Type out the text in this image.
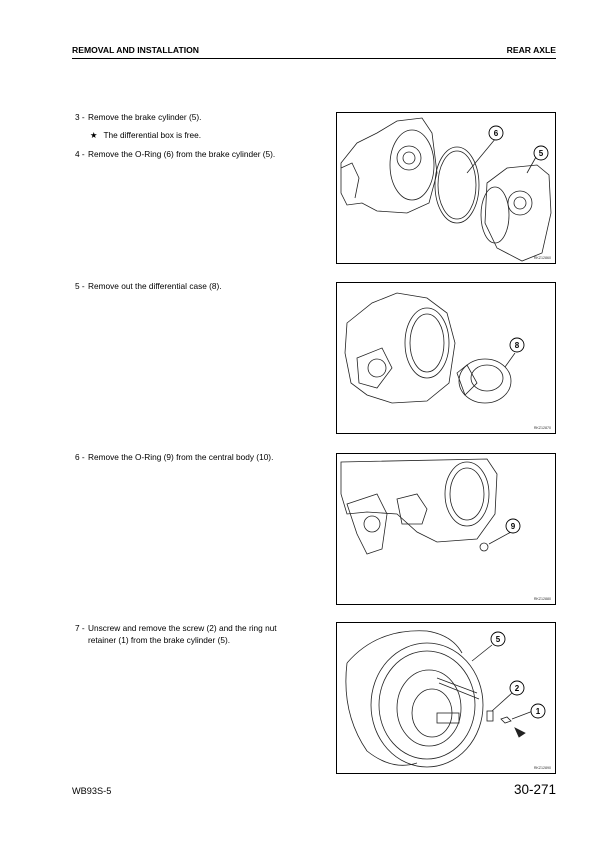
REMOVAL AND INSTALLATION	REAR AXLE
3 - Remove the brake cylinder (5).
★ The differential box is free.
4 - Remove the O-Ring (6) from the brake cylinder (5).
5 - Remove out the differential case (8).
6 - Remove the O-Ring (9) from the central body (10).
7 - Unscrew and remove the screw (2) and the ring nut
retainer (1) from the brake cylinder (5).
6
5
RKZ12860
8
RKZ12870
9
RKZ12880
5
2
1
RKZ12890
WB93S-5	30-271
